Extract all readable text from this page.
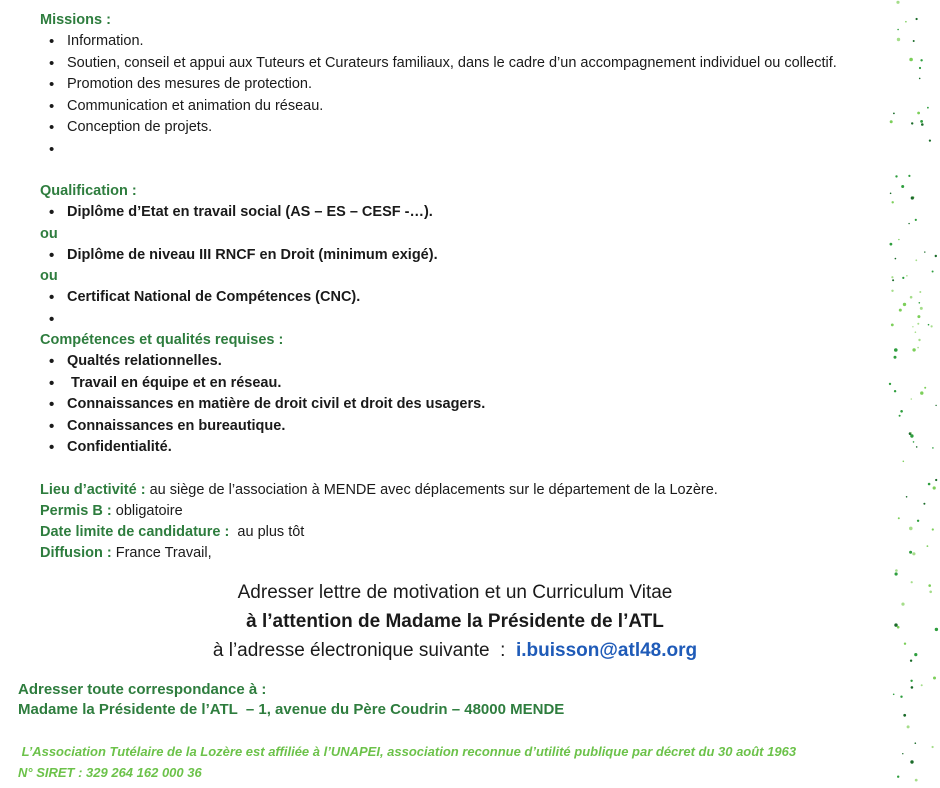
Missions :
• Information.
• Soutien, conseil et appui aux Tuteurs et Curateurs familiaux, dans le cadre d’un accompagnement individuel ou collectif.
• Promotion des mesures de protection.
• Communication et animation du réseau.
• Conception de projets.
Qualification :
• Diplôme d’Etat en travail social (AS – ES – CESF -…).
ou
• Diplôme de niveau III RNCF en Droit (minimum exigé).
ou
• Certificat National de Compétences (CNC).
Compétences et qualités requises :
• Qualtés relationnelles.
•  Travail en équipe et en réseau.
• Connaissances en matière de droit civil et droit des usagers.
• Connaissances en bureautique.
• Confidentialité.
Lieu d’activité : au siège de l’association à MENDE avec déplacements sur le département de la Lozère.
Permis B : obligatoire
Date limite de candidature :  au plus tôt
Diffusion : France Travail,
Adresser lettre de motivation et un Curriculum Vitae
à l’attention de Madame la Présidente de l’ATL
à l’adresse électronique suivante  :  i.buisson@atl48.org
Adresser toute correspondance à :
Madame la Présidente de l’ATL  – 1, avenue du Père Coudrin – 48000 MENDE
L’Association Tutélaire de la Lozère est affiliée à l’UNAPEI, association reconnue d’utilité publique par décret du 30 août 1963
N° SIRET : 329 264 162 000 36
